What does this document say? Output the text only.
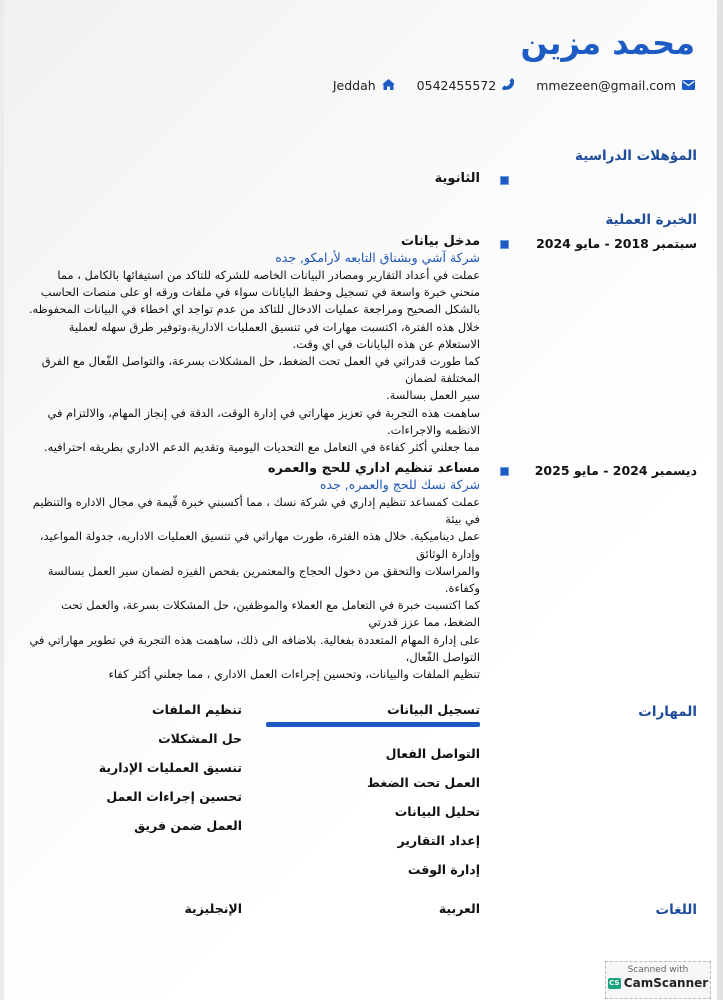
محمد مزين
Jeddah	0542455572	mmezeen@gmail.com
المؤهلات الدراسية
الثانوية
الخبرة العملية
سبتمبر 2018 - مايو 2024
مدخل بيانات
شركة آشي وبشناق التابعه لأرامكو, جده

عملت في أعداد التقارير ومصادر البيانات الخاصه للشركه للتاكد من استيفائها بالكامل ، مما

منحني خبرة واسعة في تسجيل وحفظ البايانات سواء في ملفات ورقه او على منصات الحاسب

بالشكل الصحيح ومراجعة عمليات الادخال للتاكد من عدم تواجد اي اخطاء في البيانات المحفوظه.

خلال هذه الفترة، اكتسبت مهارات في تنسيق العمليات الادارية،وتوفير طرق سهله لعملية

الاستعلام عن هذه البايانات في اي وقت.

كما طورت قدراتي في العمل تحت الضغط، حل المشكلات بسرعة، والتواصل الفّعال مع الفرق

المختلفة لضمان

سير العمل بسالسة.

ساهمت هذه التجربة في تعزيز مهاراتي في إدارة الوقت، الدقة في إنجاز المهام، والالتزام في

الانظمه والاجراءات.

مما جعلني أكثر كفاءة في التعامل مع التحديات اليومية وتقديم الدعم الاداري بطريقه احترافيه.

ديسمبر 2024 - مايو 2025
مساعد تنظيم اداري للحج والعمره
شركة نسك للحج والعمره, جده

عملت كمساعد تنظيم إداري في شركة نسك ، مما أكسبني خبرة قّيمة في مجال الاداره والتنظيم

في بيئة

عمل ديناميكية. خلال هذه الفترة، طورت مهاراتي في تنسيق العمليات الاداريه، جدولة المواعيد،

وإدارة الوثائق

والمراسلات والتحقق من دخول الحجاج والمعتمرين بفحص الفيزه لضمان سير العمل بسالسة

وكفاءة.

كما اكتسبت خبرة في التعامل مع العملاء والموظفين، حل المشكلات بسرعة، والعمل تحت

الضغط، مما عزز قدرتي

على إدارة المهام المتعددة بفعالية. بلاضافه الى ذلك، ساهمت هذه التجربة في تطوير مهاراتي في

التواصل الفّعال،

تنظيم الملفات والبيانات، وتحسين إجراءات العمل الاداري ، مما جعلني أكثر كفاء

المهارات
تسجيل البيانات
التواصل الفعال
العمل تحت الضغط
تحليل البيانات
إعداد التقارير
إدارة الوقت
تنظيم الملفات
حل المشكلات
تنسيق العمليات الإدارية
تحسين إجراءات العمل
العمل ضمن فريق
اللغات
العربية
الإنجليزية
Scanned with
CS CamScanner
